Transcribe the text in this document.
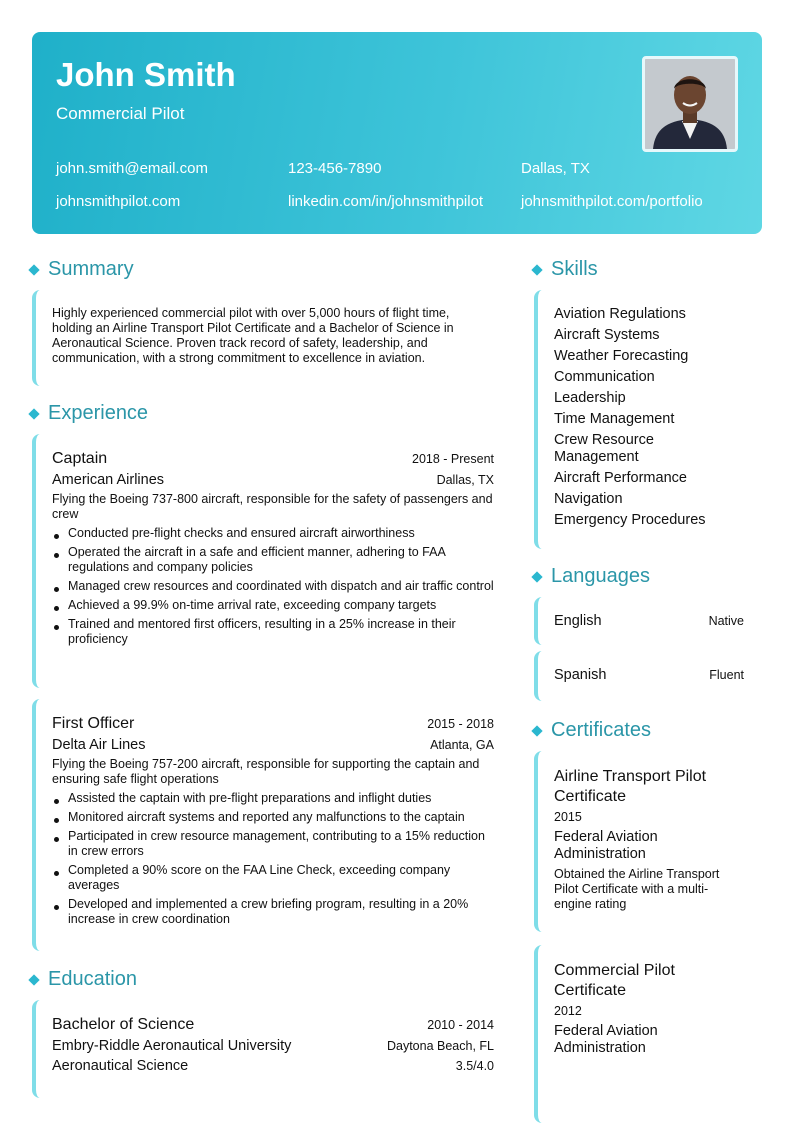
John Smith
Commercial Pilot
john.smith@email.com	123-456-7890	Dallas, TX
johnsmithpilot.com	linkedin.com/in/johnsmithpilot	johnsmithpilot.com/portfolio
Summary
Highly experienced commercial pilot with over 5,000 hours of flight time, holding an Airline Transport Pilot Certificate and a Bachelor of Science in Aeronautical Science. Proven track record of safety, leadership, and communication, with a strong commitment to excellence in aviation.
Experience
Captain	2018 - Present
American Airlines	Dallas, TX
Flying the Boeing 737-800 aircraft, responsible for the safety of passengers and crew
Conducted pre-flight checks and ensured aircraft airworthiness
Operated the aircraft in a safe and efficient manner, adhering to FAA regulations and company policies
Managed crew resources and coordinated with dispatch and air traffic control
Achieved a 99.9% on-time arrival rate, exceeding company targets
Trained and mentored first officers, resulting in a 25% increase in their proficiency
First Officer	2015 - 2018
Delta Air Lines	Atlanta, GA
Flying the Boeing 757-200 aircraft, responsible for supporting the captain and ensuring safe flight operations
Assisted the captain with pre-flight preparations and inflight duties
Monitored aircraft systems and reported any malfunctions to the captain
Participated in crew resource management, contributing to a 15% reduction in crew errors
Completed a 90% score on the FAA Line Check, exceeding company averages
Developed and implemented a crew briefing program, resulting in a 20% increase in crew coordination
Education
Bachelor of Science	2010 - 2014
Embry-Riddle Aeronautical University	Daytona Beach, FL
Aeronautical Science	3.5/4.0
Skills
Aviation Regulations
Aircraft Systems
Weather Forecasting
Communication
Leadership
Time Management
Crew Resource Management
Aircraft Performance
Navigation
Emergency Procedures
Languages
English	Native
Spanish	Fluent
Certificates
Airline Transport Pilot Certificate
2015
Federal Aviation Administration
Obtained the Airline Transport Pilot Certificate with a multi-engine rating
Commercial Pilot Certificate
2012
Federal Aviation Administration
